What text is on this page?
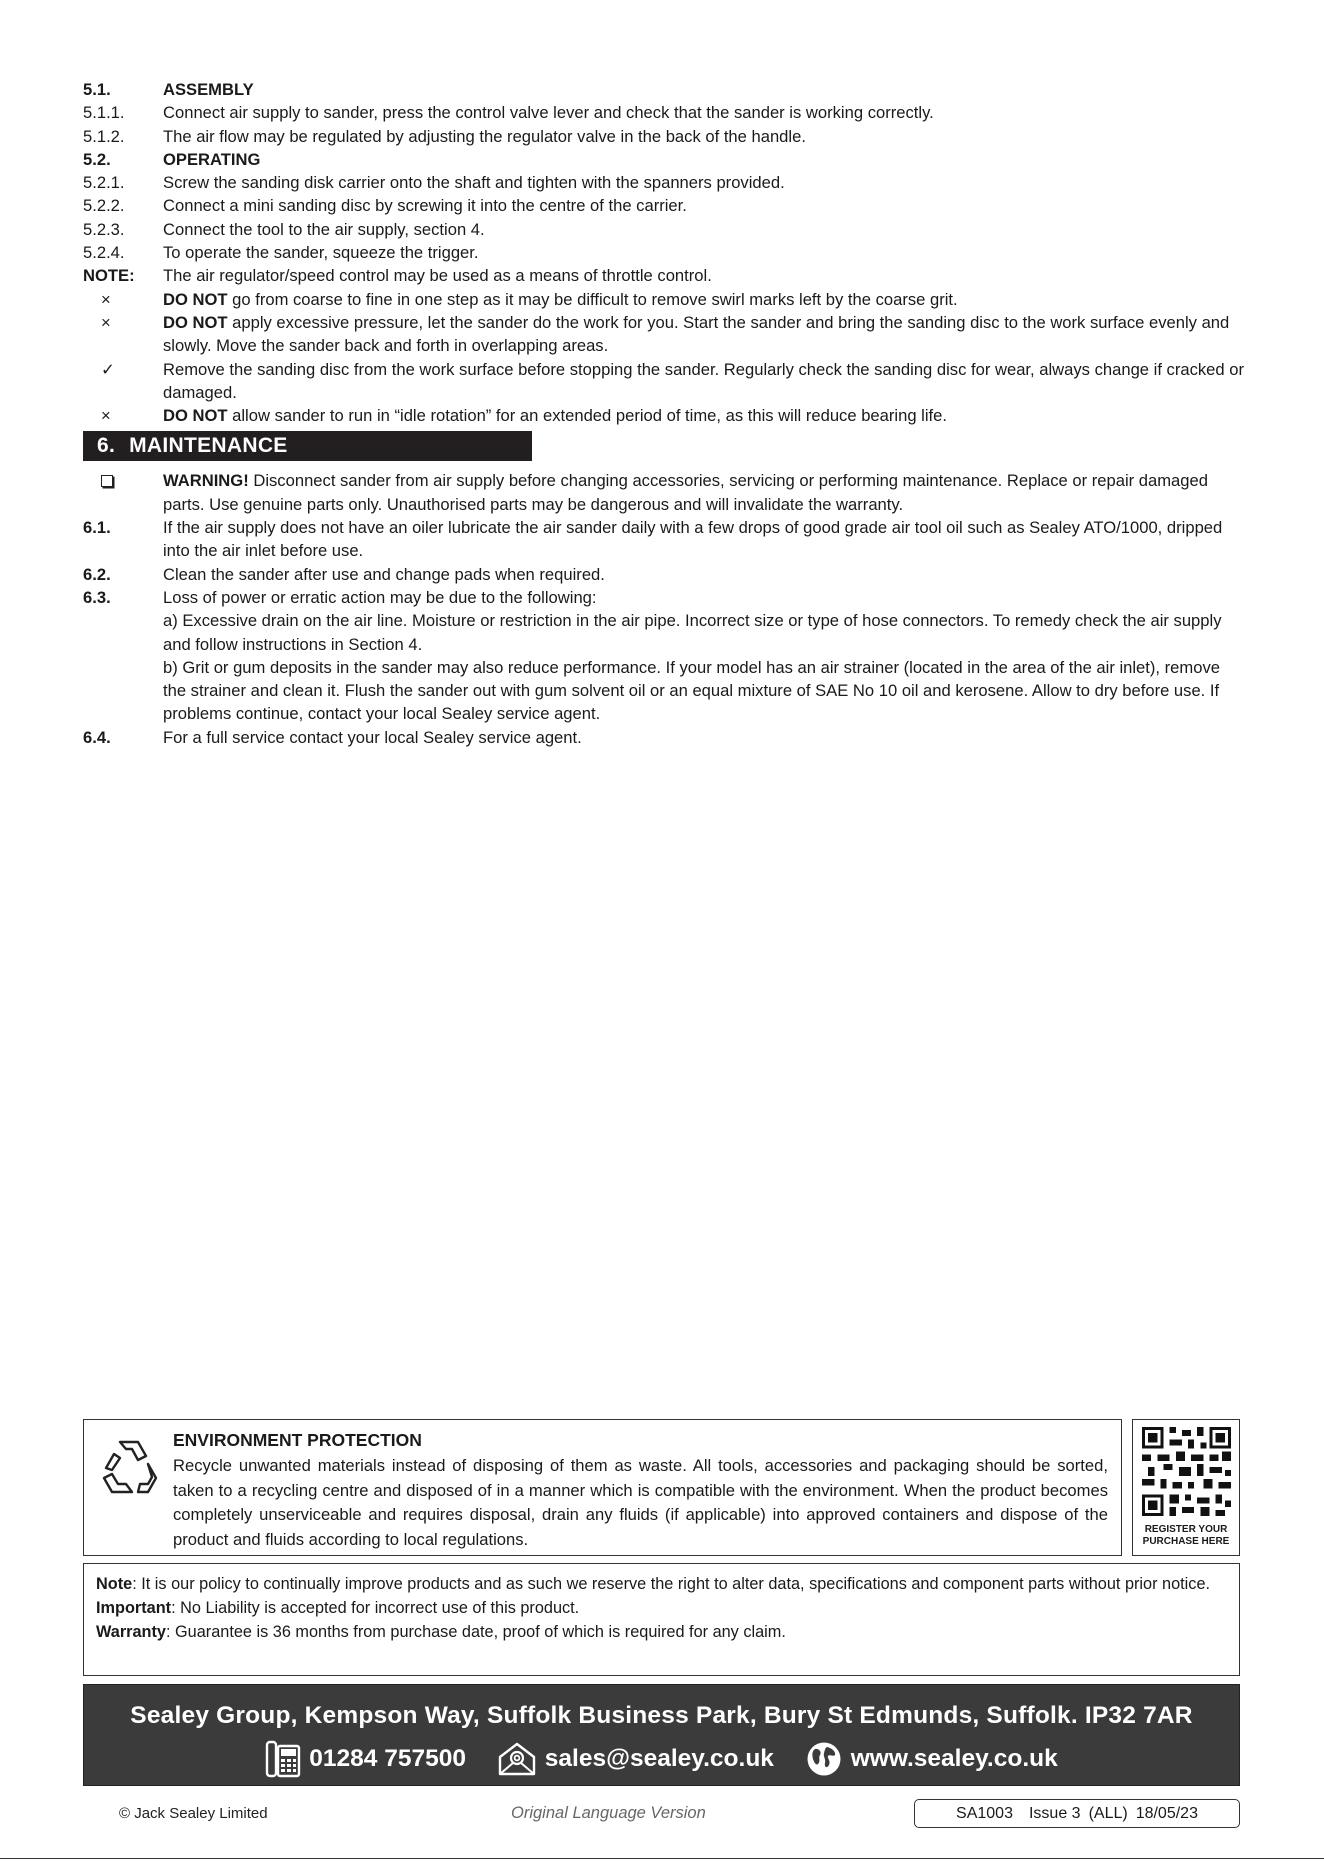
5.1.	ASSEMBLY
5.1.1.	Connect air supply to sander, press the control valve lever and check that the sander is working correctly.
5.1.2.	The air flow may be regulated by adjusting the regulator valve in the back of the handle.
5.2.	OPERATING
5.2.1.	Screw the sanding disk carrier onto the shaft and tighten with the spanners provided.
5.2.2.	Connect a mini sanding disc by screwing it into the centre of the carrier.
5.2.3.	Connect the tool to the air supply, section 4.
5.2.4.	To operate the sander, squeeze the trigger.
NOTE:	The air regulator/speed control may be used as a means of throttle control.
×	DO NOT go from coarse to fine in one step as it may be difficult to remove swirl marks left by the coarse grit.
×	DO NOT apply excessive pressure, let the sander do the work for you. Start the sander and bring the sanding disc to the work surface evenly and slowly. Move the sander back and forth in overlapping areas.
✓	Remove the sanding disc from the work surface before stopping the sander. Regularly check the sanding disc for wear, always change if cracked or damaged.
×	DO NOT allow sander to run in “idle rotation” for an extended period of time, as this will reduce bearing life.
6. MAINTENANCE
WARNING! Disconnect sander from air supply before changing accessories, servicing or performing maintenance. Replace or repair damaged parts. Use genuine parts only. Unauthorised parts may be dangerous and will invalidate the warranty.
6.1.	If the air supply does not have an oiler lubricate the air sander daily with a few drops of good grade air tool oil such as Sealey ATO/1000, dripped into the air inlet before use.
6.2.	Clean the sander after use and change pads when required.
6.3.	Loss of power or erratic action may be due to the following:
a) Excessive drain on the air line. Moisture or restriction in the air pipe. Incorrect size or type of hose connectors. To remedy check the air supply and follow instructions in Section 4.
b) Grit or gum deposits in the sander may also reduce performance. If your model has an air strainer (located in the area of the air inlet), remove the strainer and clean it. Flush the sander out with gum solvent oil or an equal mixture of SAE No 10 oil and kerosene. Allow to dry before use. If problems continue, contact your local Sealey service agent.
6.4.	For a full service contact your local Sealey service agent.
ENVIRONMENT PROTECTION
Recycle unwanted materials instead of disposing of them as waste. All tools, accessories and packaging should be sorted, taken to a recycling centre and disposed of in a manner which is compatible with the environment. When the product becomes completely unserviceable and requires disposal, drain any fluids (if applicable) into approved containers and dispose of the product and fluids according to local regulations.	REGISTER YOUR
PURCHASE HERE

Note: It is our policy to continually improve products and as such we reserve the right to alter data, specifications and component parts without prior notice.

Important: No Liability is accepted for incorrect use of this product.

Warranty: Guarantee is 36 months from purchase date, proof of which is required for any claim.

Sealey Group, Kempson Way, Suffolk Business Park, Bury St Edmunds, Suffolk. IP32 7AR
01284 757500
	sales@sealey.co.uk
	www.sealey.co.uk
© Jack Sealey Limited	Original Language Version	SA1003 Issue 3 (ALL) 18/05/23
